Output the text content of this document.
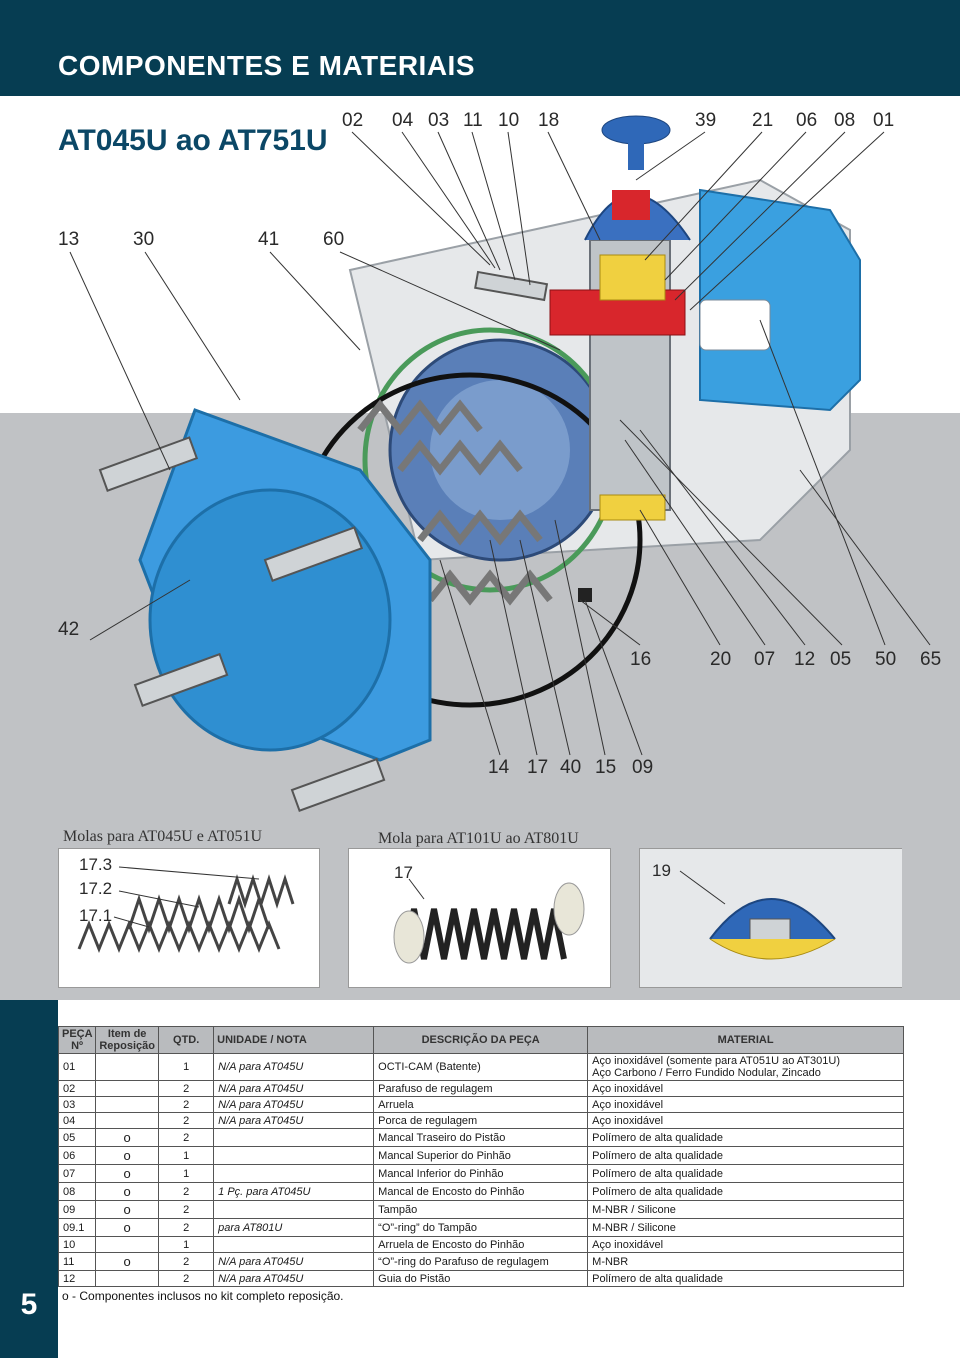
COMPONENTES E MATERIAIS
AT045U ao AT751U
02 04 03 11 10 18	39 21 06 08 01
13	30	41 60
42
16	20 07 12 05 50 65
14 17 40 15 09
Molas para AT045U e AT051U	Mola para AT101U ao AT801U
17.3
17.2
17.1
17	19
5
PEÇA Nº	Item de Reposição	QTD.	UNIDADE / NOTA	DESCRIÇÃO DA PEÇA	MATERIAL
01		1	N/A para AT045U	OCTI-CAM (Batente)	Aço inoxidável (somente para AT051U ao AT301U)
Aço Carbono / Ferro Fundido Nodular, Zincado

02		2	N/A para AT045U	Parafuso de regulagem	Aço inoxidável

03		2	N/A para AT045U	Arruela	Aço inoxidável

04		2	N/A para AT045U	Porca de regulagem	Aço inoxidável

05	o	2		Mancal Traseiro do Pistão	Polímero de alta qualidade

06	o	1		Mancal Superior do Pinhão	Polímero de alta qualidade

07	o	1		Mancal Inferior do Pinhão	Polímero de alta qualidade

08	o	2	1 Pç. para AT045U	Mancal de Encosto do Pinhão	Polímero de alta qualidade

09	o	2		Tampão	M-NBR / Silicone

09.1	o	2	para AT801U	“O”-ring” do Tampão	M-NBR / Silicone

10		1		Arruela de Encosto do Pinhão	Aço inoxidável

11	o	2	N/A para AT045U	“O”-ring do Parafuso de regulagem	M-NBR

12		2	N/A para AT045U	Guia do Pistão	Polímero de alta qualidade
o - Componentes inclusos no kit completo reposição.
